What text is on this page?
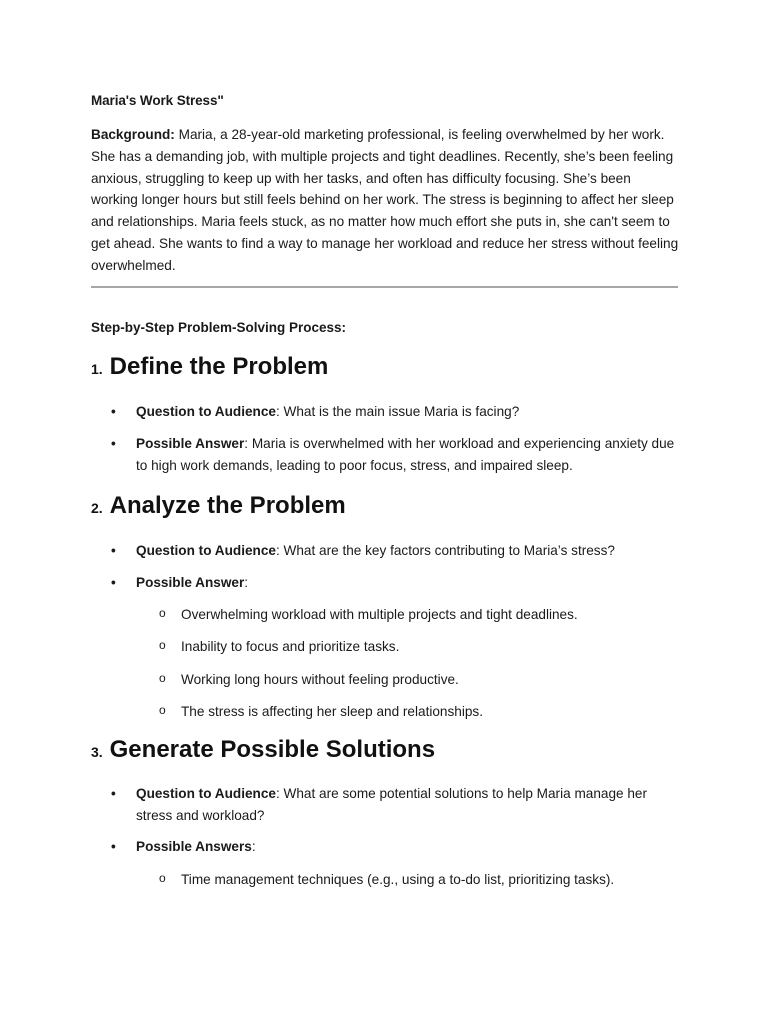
Maria's Work Stress"

Background: Maria, a 28-year-old marketing professional, is feeling overwhelmed by her work. She has a demanding job, with multiple projects and tight deadlines. Recently, she’s been feeling anxious, struggling to keep up with her tasks, and often has difficulty focusing. She’s been working longer hours but still feels behind on her work. The stress is beginning to affect her sleep and relationships. Maria feels stuck, as no matter how much effort she puts in, she can't seem to get ahead. She wants to find a way to manage her workload and reduce her stress without feeling overwhelmed.

Step-by-Step Problem-Solving Process:
1. Define the Problem
•	Question to Audience: What is the main issue Maria is facing?
•	Possible Answer: Maria is overwhelmed with her workload and experiencing anxiety due to high work demands, leading to poor focus, stress, and impaired sleep.
2. Analyze the Problem
•	Question to Audience: What are the key factors contributing to Maria’s stress?
•	Possible Answer:
o Overwhelming workload with multiple projects and tight deadlines.
o Inability to focus and prioritize tasks.
o Working long hours without feeling productive.
o The stress is affecting her sleep and relationships.
3. Generate Possible Solutions
•	Question to Audience: What are some potential solutions to help Maria manage her stress and workload?
•	Possible Answers:
o Time management techniques (e.g., using a to-do list, prioritizing tasks).
